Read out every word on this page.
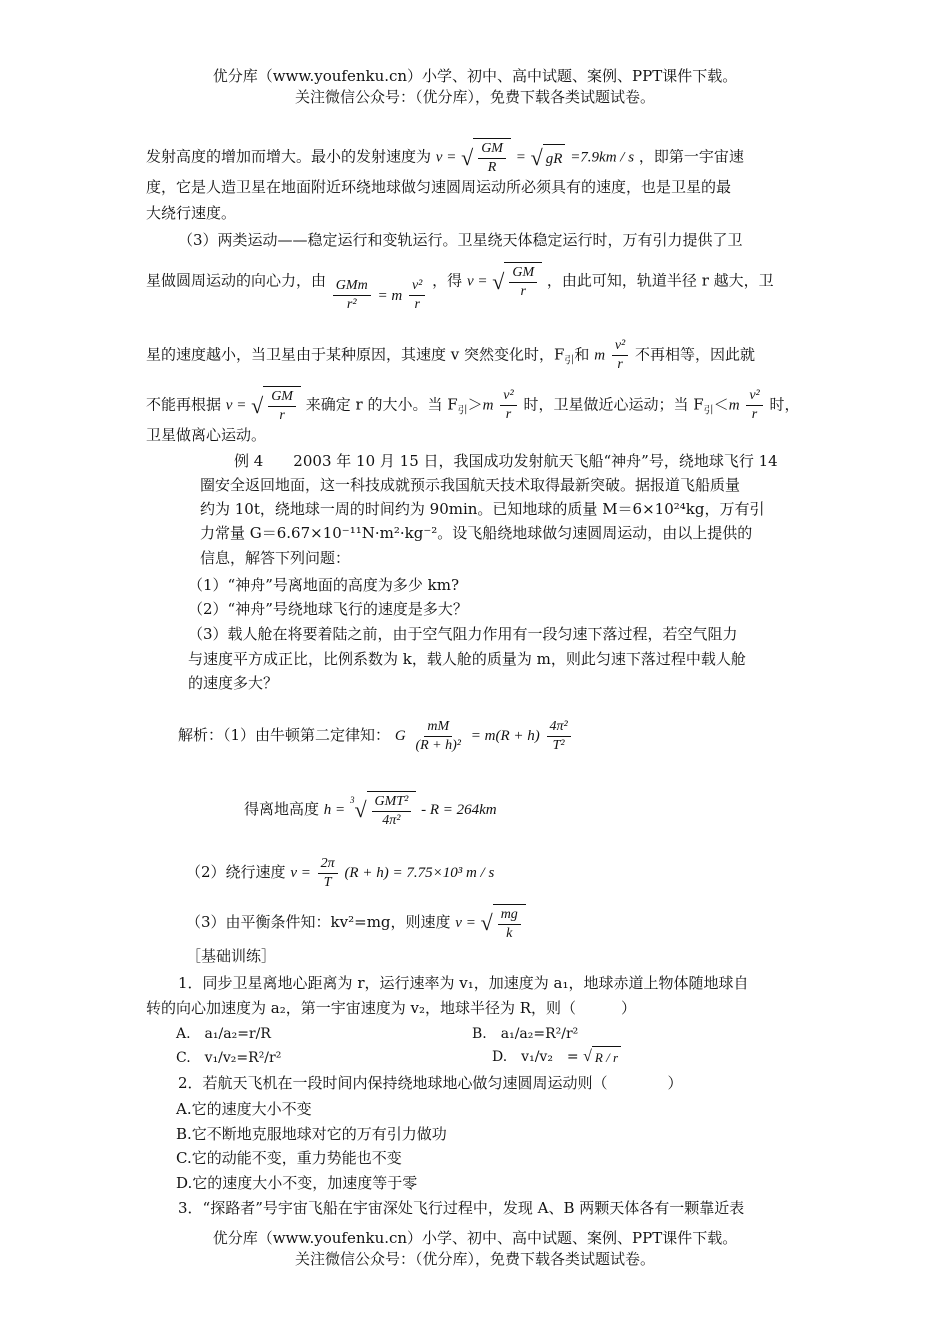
优分库（www.youfenku.cn）小学、初中、高中试题、案例、PPT课件下载。
关注微信公众号：（优分库），免费下载各类试题试卷。
发射高度的增加而增大。最小的发射速度为 v = √ $\frac{GM}{R}$ = √ gR =7.9km / s ，即第一宇宙速
度，它是人造卫星在地面附近环绕地球做匀速圆周运动所必须具有的速度，也是卫星的最
大绕行速度。
（3）两类运动——稳定运行和变轨运行。卫星绕天体稳定运行时，万有引力提供了卫
星做圆周运动的向心力，由 $\frac{\text{GMm}}{\text{r²}} = m \frac{\text{v²}}{r}$ ，得 v = √ $\frac{GM}{r}$ ，由此可知，轨道半径 r 越大，卫
星的速度越小，当卫星由于某种原因，其速度 v 突然变化时，$F_引$和 m $\frac{\text{v²}}{r}$ 不再相等，因此就
不能再根据 v = √ $\frac{GM}{r}$ 来确定 r 的大小。当 $F_引>m \frac{\text{v²}}{r}$ 时，卫星做近心运动；当 $F_引<m \frac{\text{v²}}{r}$ 时，
卫星做离心运动。
例 4　　2003 年 10 月 15 日，我国成功发射航天飞船“神舟”号，绕地球飞行 14
圈安全返回地面，这一科技成就预示我国航天技术取得最新突破。据报道飞船质量
约为 10t，绕地球一周的时间约为 90min。已知地球的质量 M＝6×10²⁴kg，万有引
力常量 G＝6.67×10⁻¹¹N·m²·kg⁻²。设飞船绕地球做匀速圆周运动，由以上提供的
信息，解答下列问题：
（1）“神舟”号离地面的高度为多少 km?
（2）“神舟”号绕地球飞行的速度是多大？
（3）载人舱在将要着陆之前，由于空气阻力作用有一段匀速下落过程，若空气阻力
与速度平方成正比，比例系数为 k，载人舱的质量为 m，则此匀速下落过程中载人舱
的速度多大？
解析：（1）由牛顿第二定律知： G $\frac{mM}{\text{(R + h)²}} = m(R + h) \frac{\text{4π²}}{\text{T²}}$
得离地高度 h =
$^3$ √ $\frac{\text{GMT²}}{\text{4π²}} - R = 264km$
（2）绕行速度 $v = \frac{2\pi}{T} (R + h) = 7.75\times 10^3$ m / s
（3）由平衡条件知：kv²=mg，则速度 v = √ $\frac{mg}{k}$
［基础训练］
1．同步卫星离地心距离为 r，运行速率为 v₁，加速度为 a₁，地球赤道上物体随地球自
转的向心加速度为 a₂，第一宇宙速度为 v₂，地球半径为 R，则（　　　）
A.　a₁/a₂=r/R	B.　a₁/a₂=R²/r²
C.　v₁/v₂=R²/r²	D.　v₁/v₂　= √ R / r
2．若航天飞机在一段时间内保持绕地球地心做匀速圆周运动则（　　　　）
A.它的速度大小不变
B.它不断地克服地球对它的万有引力做功
C.它的动能不变，重力势能也不变
D.它的速度大小不变，加速度等于零
3．“探路者”号宇宙飞船在宇宙深处飞行过程中，发现 A、B 两颗天体各有一颗靠近表
优分库（www.youfenku.cn）小学、初中、高中试题、案例、PPT课件下载。
关注微信公众号：（优分库），免费下载各类试题试卷。
